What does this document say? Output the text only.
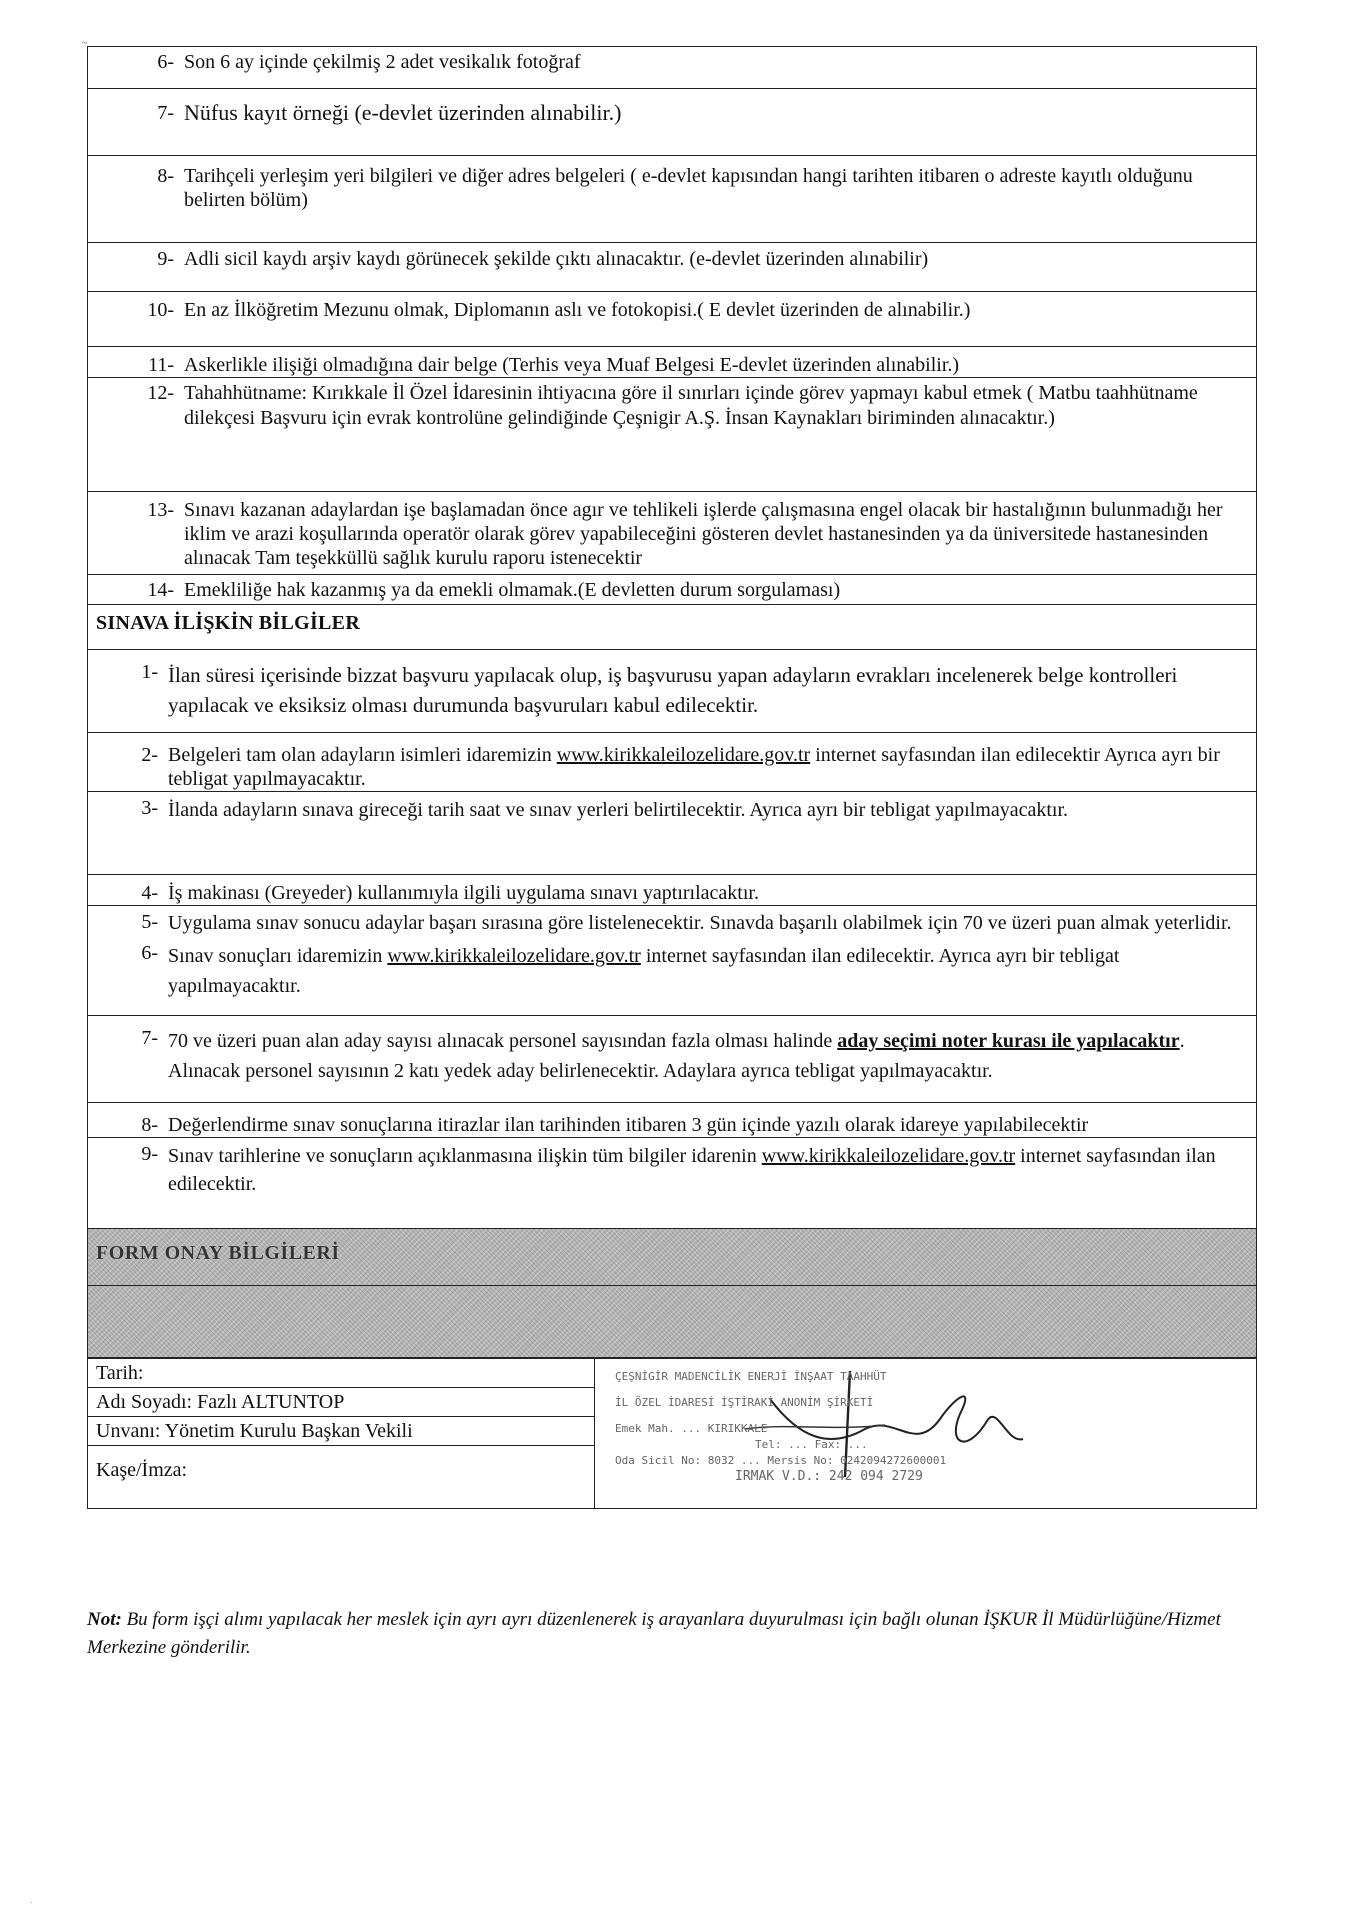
~
6- Son 6 ay içinde çekilmiş 2 adet vesikalık fotoğraf

7- Nüfus kayıt örneği (e-devlet üzerinden alınabilir.)

8- Tarihçeli yerleşim yeri bilgileri ve diğer adres belgeleri ( e-devlet kapısından hangi tarihten itibaren o adreste kayıtlı olduğunu belirten bölüm)

9- Adli sicil kaydı arşiv kaydı görünecek şekilde çıktı alınacaktır. (e-devlet üzerinden alınabilir)

10- En az İlköğretim Mezunu olmak, Diplomanın aslı ve fotokopisi.( E devlet üzerinden de alınabilir.)

11- Askerlikle ilişiği olmadığına dair belge (Terhis veya Muaf Belgesi E-devlet üzerinden alınabilir.)

12- Tahahhütname: Kırıkkale İl Özel İdaresinin ihtiyacına göre il sınırları içinde görev yapmayı kabul etmek ( Matbu taahhütname dilekçesi Başvuru için evrak kontrolüne gelindiğinde Çeşnigir A.Ş. İnsan Kaynakları biriminden alınacaktır.)

13- Sınavı kazanan adaylardan işe başlamadan önce agır ve tehlikeli işlerde çalışmasına engel olacak bir hastalığının bulunmadığı her iklim ve arazi koşullarında operatör olarak görev yapabileceğini gösteren devlet hastanesinden ya da üniversitede hastanesinden alınacak Tam teşekküllü sağlık kurulu raporu istenecektir

14- Emekliliğe hak kazanmış ya da emekli olmamak.(E devletten durum sorgulaması)

SINAVA İLİŞKİN BİLGİLER

1- İlan süresi içerisinde bizzat başvuru yapılacak olup, iş başvurusu yapan adayların evrakları incelenerek belge kontrolleri yapılacak ve eksiksiz olması durumunda başvuruları kabul edilecektir.

2- Belgeleri tam olan adayların isimleri idaremizin www.kirikkaleilozelidare.gov.tr internet sayfasından ilan edilecektir Ayrıca ayrı bir tebligat yapılmayacaktır.

3- İlanda adayların sınava gireceği tarih saat ve sınav yerleri belirtilecektir. Ayrıca ayrı bir tebligat yapılmayacaktır.

4- İş makinası (Greyeder) kullanımıyla ilgili uygulama sınavı yaptırılacaktır.

5- Uygulama sınav sonucu adaylar başarı sırasına göre listelenecektir. Sınavda başarılı olabilmek için 70 ve üzeri puan almak yeterlidir.
6- Sınav sonuçları idaremizin www.kirikkaleilozelidare.gov.tr internet sayfasından ilan edilecektir. Ayrıca ayrı bir tebligat yapılmayacaktır.

7- 70 ve üzeri puan alan aday sayısı alınacak personel sayısından fazla olması halinde aday seçimi noter kurası ile yapılacaktır. Alınacak personel sayısının 2 katı yedek aday belirlenecektir. Adaylara ayrıca tebligat yapılmayacaktır.

8- Değerlendirme sınav sonuçlarına itirazlar ilan tarihinden itibaren 3 gün içinde yazılı olarak idareye yapılabilecektir

9- Sınav tarihlerine ve sonuçların açıklanmasına ilişkin tüm bilgiler idarenin www.kirikkaleilozelidare.gov.tr internet sayfasından ilan edilecektir.

FORM ONAY BİLGİLERİ

Tarih:	ÇEŞNİGİR MADENCİLİK ENERJİ İNŞAAT TAAHHÜT
İL ÖZEL İDARESİ İŞTİRAKİ ANONİM ŞİRKETİ
Emek Mah. ... KIRIKKALE
Tel: ... Fax: ...
Oda Sicil No: 8032 ... Mersis No: 0242094272600001
IRMAK V.D.: 242 094 2729

Adı Soyadı: Fazlı ALTUNTOP
Unvanı: Yönetim Kurulu Başkan Vekili
Kaşe/İmza:
Not: Bu form işçi alımı yapılacak her meslek için ayrı ayrı düzenlenerek iş arayanlara duyurulması için bağlı olunan İŞKUR İl Müdürlüğüne/Hizmet Merkezine gönderilir.
.
